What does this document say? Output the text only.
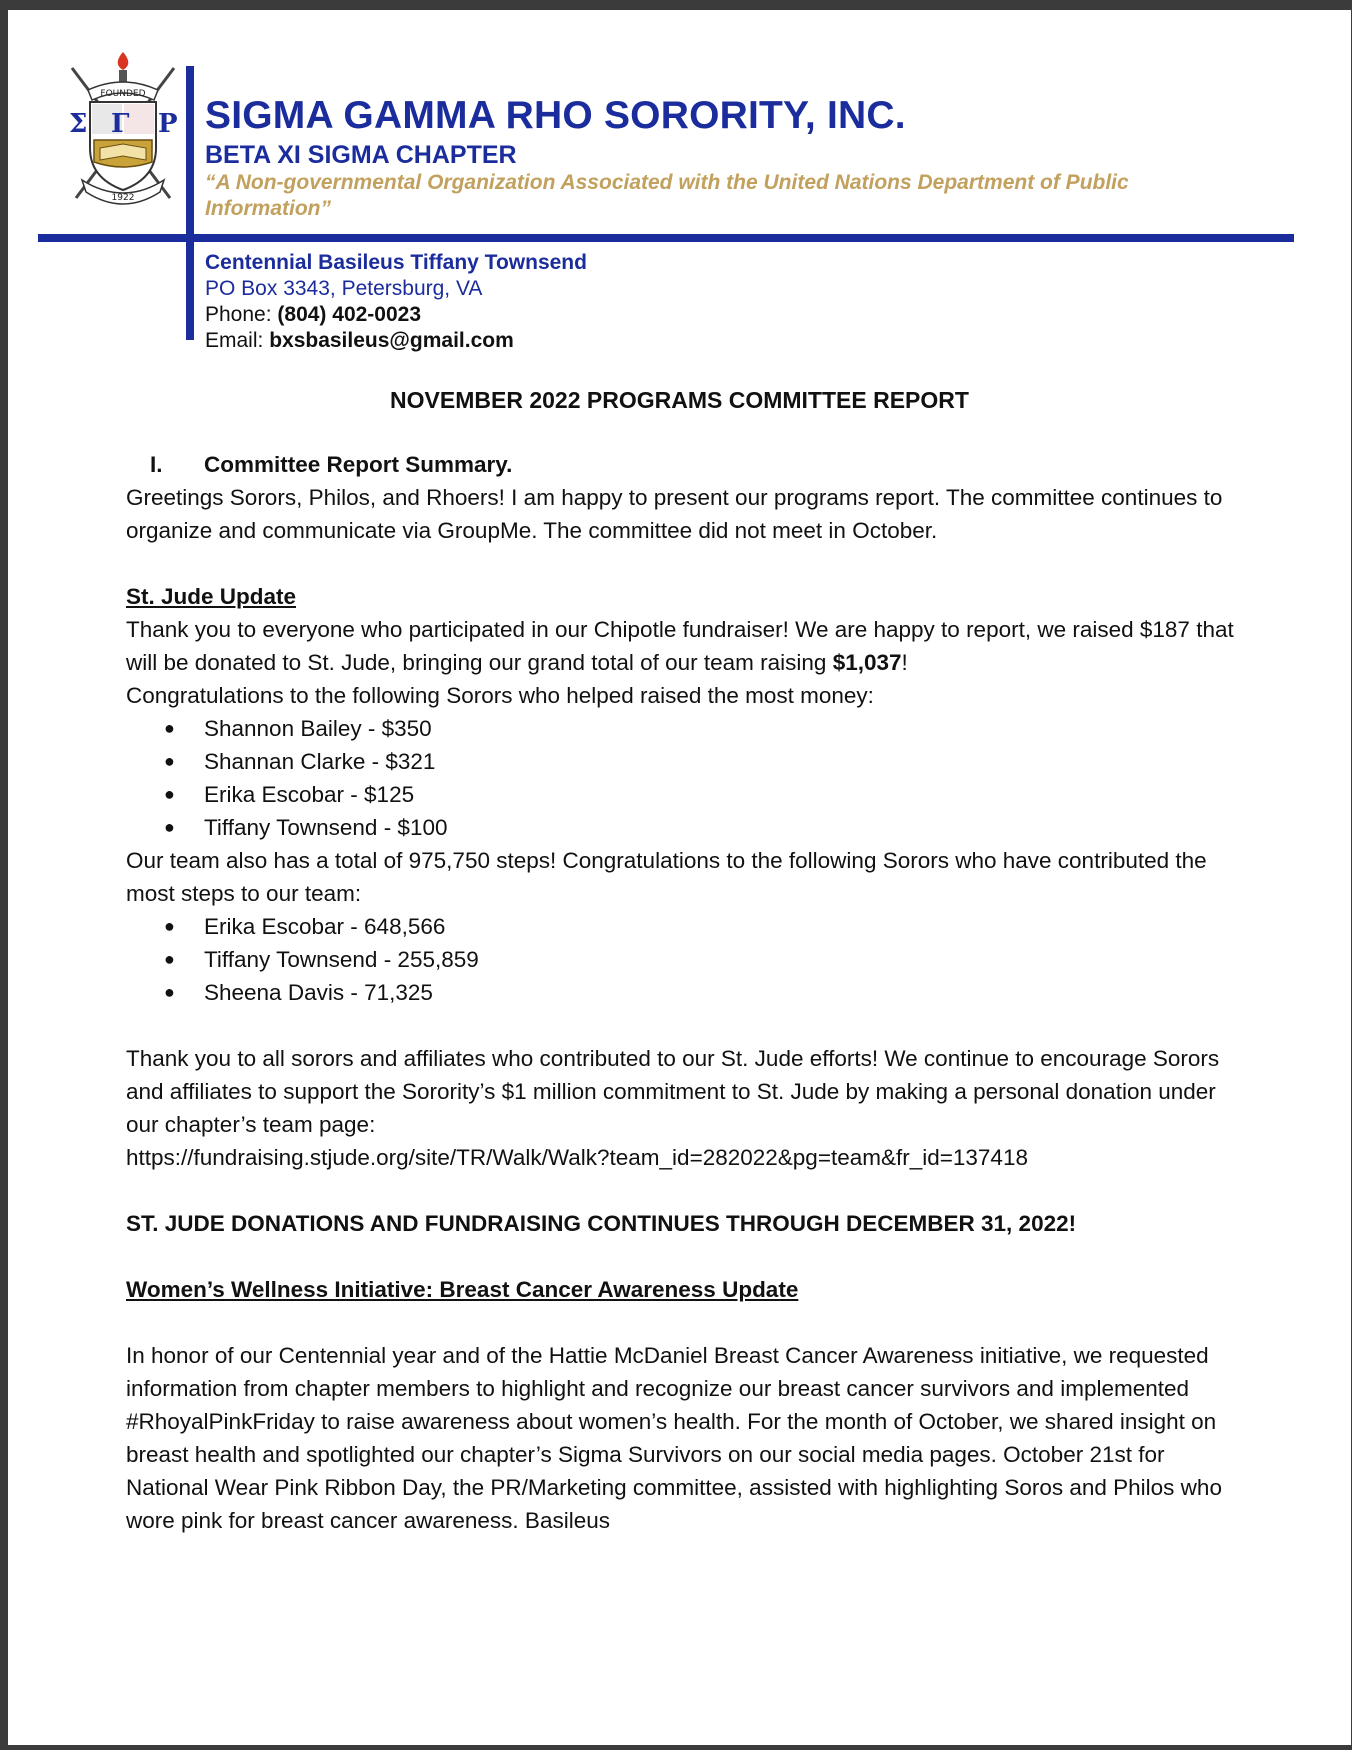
FOUNDED
Σ Γ Ρ
1922
SIGMA GAMMA RHO SORORITY, INC.
BETA XI SIGMA CHAPTER
“A Non-governmental Organization Associated with the United Nations Department of Public Information”
Centennial Basileus Tiffany Townsend
PO Box 3343, Petersburg, VA
Phone: (804) 402-0023
Email: bxsbasileus@gmail.com
NOVEMBER 2022 PROGRAMS COMMITTEE REPORT
I.	Committee Report Summary.

Greetings Sorors, Philos, and Rhoers! I am happy to present our programs report. The committee continues to organize and communicate via GroupMe. The committee did not meet in October.

St. Jude Update

Thank you to everyone who participated in our Chipotle fundraiser! We are happy to report, we raised $187 that will be donated to St. Jude, bringing our grand total of our team raising $1,037!

Congratulations to the following Sorors who helped raised the most money:

● Shannon Bailey - $350
● Shannan Clarke - $321
● Erika Escobar - $125
● Tiffany Townsend - $100

Our team also has a total of 975,750 steps! Congratulations to the following Sorors who have contributed the most steps to our team:

● Erika Escobar - 648,566
● Tiffany Townsend - 255,859
● Sheena Davis - 71,325

Thank you to all sorors and affiliates who contributed to our St. Jude efforts! We continue to encourage Sorors and affiliates to support the Sorority’s $1 million commitment to St. Jude by making a personal donation under our chapter’s team page:

https://fundraising.stjude.org/site/TR/Walk/Walk?team_id=282022&pg=team&fr_id=137418

ST. JUDE DONATIONS AND FUNDRAISING CONTINUES THROUGH DECEMBER 31, 2022!

Women’s Wellness Initiative: Breast Cancer Awareness Update

In honor of our Centennial year and of the Hattie McDaniel Breast Cancer Awareness initiative, we requested information from chapter members to highlight and recognize our breast cancer survivors and implemented #RhoyalPinkFriday to raise awareness about women’s health. For the month of October, we shared insight on breast health and spotlighted our chapter’s Sigma Survivors on our social media pages. October 21st for National Wear Pink Ribbon Day, the PR/Marketing committee, assisted with highlighting Soros and Philos who wore pink for breast cancer awareness. Basileus
